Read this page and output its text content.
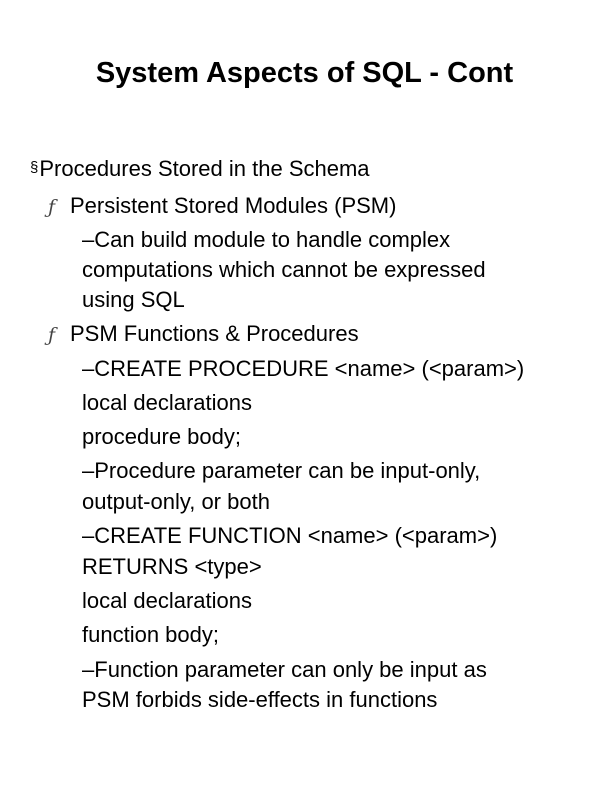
System Aspects of SQL - Cont
§Procedures Stored in the Schema
ƒ Persistent Stored Modules (PSM)
–Can build module to handle complex
computations which cannot be expressed
using SQL
ƒ PSM Functions & Procedures
–CREATE PROCEDURE <name> (<param>)
local declarations
procedure body;
–Procedure parameter can be input-only,
output-only, or both
–CREATE FUNCTION <name> (<param>)
RETURNS <type>
local declarations
function body;
–Function parameter can only be input as
PSM forbids side-effects in functions
